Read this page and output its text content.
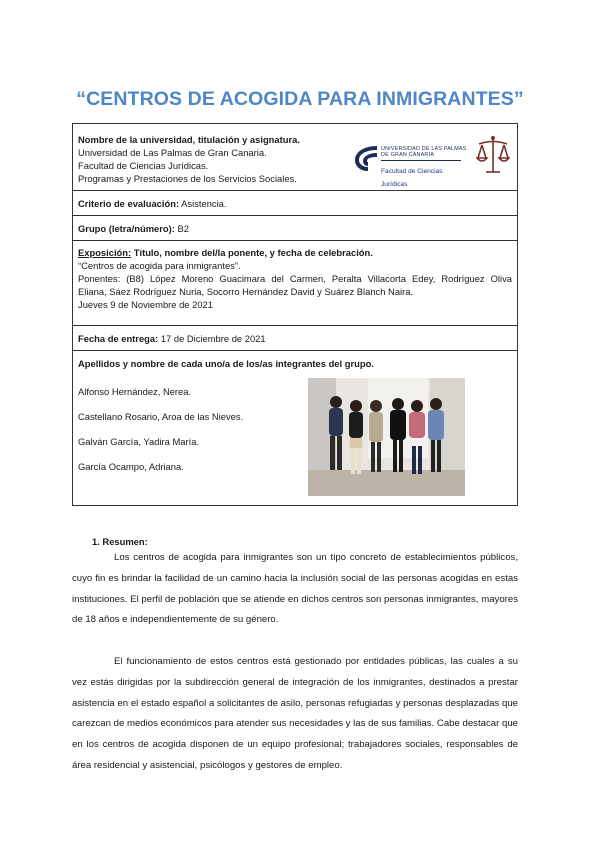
“CENTROS DE ACOGIDA PARA INMIGRANTES”
Nombre de la universidad, titulación y asignatura.
Universidad de Las Palmas de Gran Canaria.
Facultad de Ciencias Jurídicas.
Programas y Prestaciones de los Servicios Sociales.
UNIVERSIDAD DE LAS PALMAS
DE GRAN CANARIA
Facultad de Ciencias Jurídicas
Criterio de evaluación: Asistencia.
Grupo (letra/número): B2
Exposición: Título, nombre del/la ponente, y fecha de celebración.
“Centros de acogida para inmigrantes”.
Ponentes: (B8) López Moreno Guacimara del Carmen, Peralta Villacorta Edey, Rodríguez Oliva
Eliana, Sáez Rodríguez Nuria, Socorro Hernández David y Suárez Blanch Naira.
Jueves 9 de Noviembre de 2021
Fecha de entrega: 17 de Diciembre de 2021
Apellidos y nombre de cada uno/a de los/as integrantes del grupo.
Alfonso Hernández, Nerea.
Castellano Rosario, Aroa de las Nieves.
Galván García, Yadira María.
García Ocampo, Adriana.
1. Resumen:
Los centros de acogida para inmigrantes son un tipo concreto de establecimientos públicos, cuyo fin es brindar la facilidad de un camino hacia la inclusión social de las personas acogidas en estas instituciones. El perfil de población que se atiende en dichos centros son personas inmigrantes, mayores de 18 años e independientemente de su género.
El funcionamiento de estos centros está gestionado por entidades públicas, las cuales a su vez estás dirigidas por la subdirección general de integración de los inmigrantes, destinados a prestar asistencia en el estado español a solicitantes de asilo, personas refugiadas y personas desplazadas que carezcan de medios económicos para atender sus necesidades y las de sus familias. Cabe destacar que en los centros de acogida disponen de un equipo profesional; trabajadores sociales, responsables de área residencial y asistencial, psicólogos y gestores de empleo.
